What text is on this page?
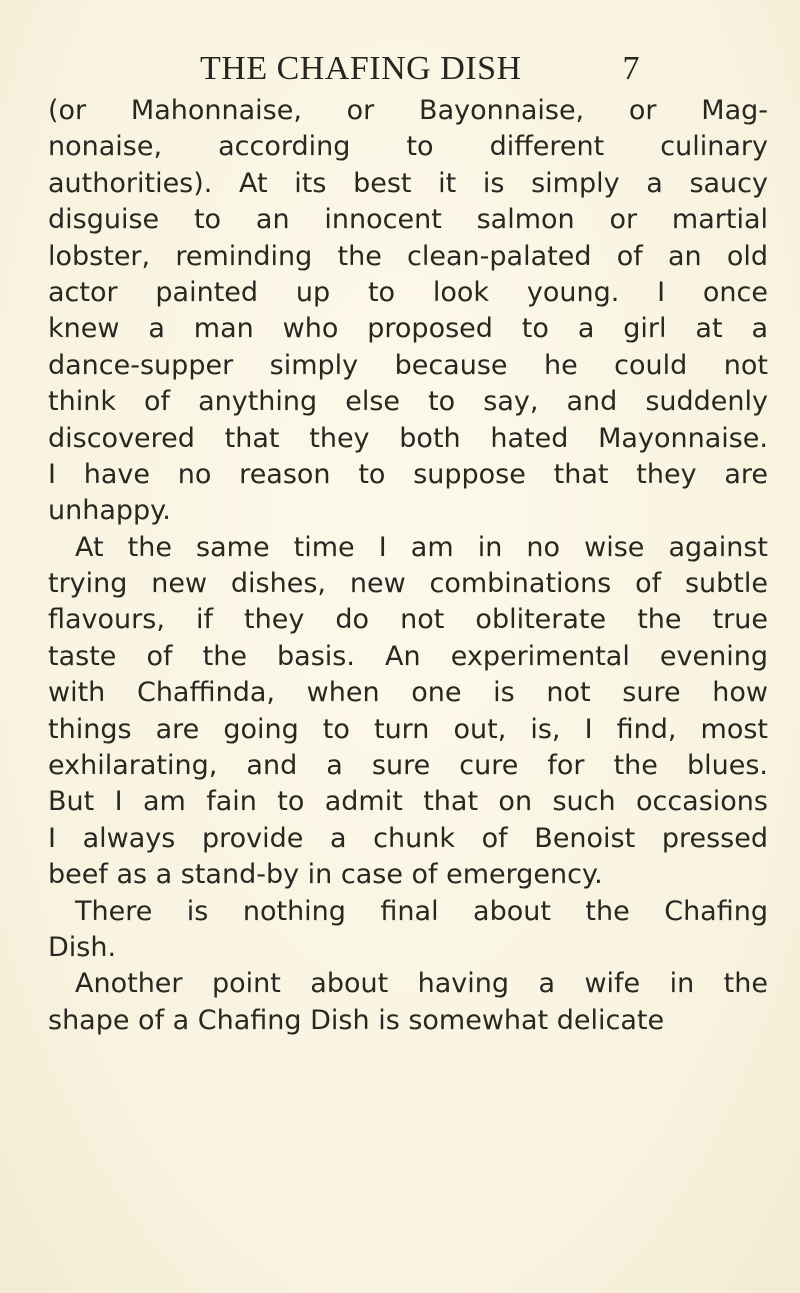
THE CHAFING DISH	7
(or Mahonnaise, or Bayonnaise, or Mag-
nonaise, according to different culinary
authorities). At its best it is simply a saucy
disguise to an innocent salmon or martial
lobster, reminding the clean-palated of an old
actor painted up to look young. I once
knew a man who proposed to a girl at a
dance-supper simply because he could not
think of anything else to say, and suddenly
discovered that they both hated Mayonnaise.
I have no reason to suppose that they are
unhappy.
At the same time I am in no wise against
trying new dishes, new combinations of subtle
flavours, if they do not obliterate the true
taste of the basis. An experimental evening
with Chaffinda, when one is not sure how
things are going to turn out, is, I find, most
exhilarating, and a sure cure for the blues.
But I am fain to admit that on such occasions
I always provide a chunk of Benoist pressed
beef as a stand-by in case of emergency.
There is nothing final about the Chafing
Dish.
Another point about having a wife in the
shape of a Chafing Dish is somewhat delicate
